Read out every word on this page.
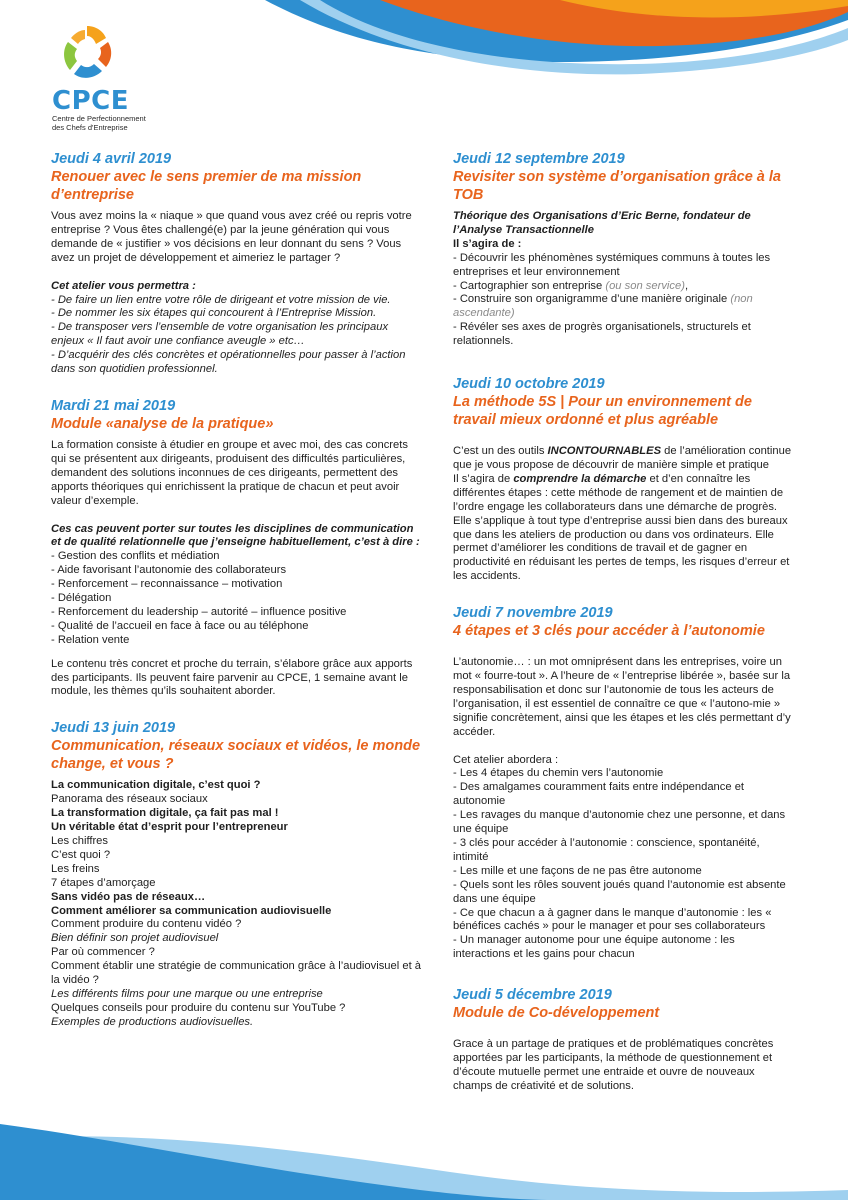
CPCE
Centre de Perfectionnement
des Chefs d'Entreprise
Jeudi 4 avril 2019
Renouer avec le sens premier de ma mission d’entreprise

Vous avez moins la « niaque » que quand vous avez créé ou repris votre entreprise ? Vous êtes challengé(e) par la jeune génération qui vous demande de « justifier » vos décisions en leur donnant du sens ? Vous avez un projet de développement et aimeriez le partager ?

Cet atelier vous permettra :
- De faire un lien entre votre rôle de dirigeant et votre mission de vie.
- De nommer les six étapes qui concourent à l’Entreprise Mission.
- De transposer vers l’ensemble de votre organisation les principaux enjeux « Il faut avoir une confiance aveugle » etc…
- D’acquérir des clés concrètes et opérationnelles pour passer à l’action dans son quotidien professionnel.
Mardi 21 mai 2019
Module «analyse de la pratique»

La formation consiste à étudier en groupe et avec moi, des cas concrets qui se présentent aux dirigeants, produisent des difficultés particulières, demandent des solutions inconnues de ces dirigeants, permettent des apports théoriques qui enrichissent la pratique de chacun et peut avoir valeur d’exemple.

Ces cas peuvent porter sur toutes les disciplines de communication et de qualité relationnelle que j’enseigne habituellement, c’est à dire :
- Gestion des conflits et médiation
- Aide favorisant l’autonomie des collaborateurs
- Renforcement – reconnaissance – motivation
- Délégation
- Renforcement du leadership – autorité – influence positive
- Qualité de l’accueil en face à face ou au téléphone
- Relation vente

Le contenu très concret et proche du terrain, s’élabore grâce aux apports des participants. Ils peuvent faire parvenir au CPCE, 1 semaine avant le module, les thèmes qu’ils souhaitent aborder.

Jeudi 13 juin 2019
Communication, réseaux sociaux et vidéos, le monde change, et vous ?
La communication digitale, c’est quoi ?
Panorama des réseaux sociaux
La transformation digitale, ça fait pas mal !
Un véritable état d’esprit pour l’entrepreneur
Les chiffres
C’est quoi ?
Les freins
7 étapes d’amorçage
Sans vidéo pas de réseaux…
Comment améliorer sa communication audiovisuelle
Comment produire du contenu vidéo ?
Bien définir son projet audiovisuel
Par où commencer ?
Comment établir une stratégie de communication grâce à l’audiovisuel et à la vidéo ?
Les différents films pour une marque ou une entreprise
Quelques conseils pour produire du contenu sur YouTube ?
Exemples de productions audiovisuelles.
Jeudi 12 septembre 2019
Revisiter son système d’organisation grâce à la TOB
Théorique des Organisations d’Eric Berne, fondateur de l’Analyse Transactionnelle
Il s’agira de :
- Découvrir les phénomènes systémiques communs à toutes les entreprises et leur environnement
- Cartographier son entreprise (ou son service),
- Construire son organigramme d’une manière originale (non ascendante)
- Révéler ses axes de progrès organisationels, structurels et relationnels.
Jeudi 10 octobre 2019
La méthode 5S | Pour un environnement de travail mieux ordonné et plus agréable
C’est un des outils INCONTOURNABLES de l’amélioration continue que je vous propose de découvrir de manière simple et pratique
Il s’agira de comprendre la démarche et d’en connaître les différentes étapes : cette méthode de rangement et de maintien de l’ordre engage les collaborateurs dans une démarche de progrès. Elle s’applique à tout type d’entreprise aussi bien dans des bureaux que dans les ateliers de production ou dans vos ordinateurs. Elle permet d’améliorer les conditions de travail et de gagner en productivité en réduisant les pertes de temps, les risques d’erreur et les accidents.
Jeudi 7 novembre 2019
4 étapes et 3 clés pour accéder à l’autonomie

L’autonomie… : un mot omniprésent dans les entreprises, voire un mot « fourre-tout ». A l’heure de « l’entreprise libérée », basée sur la responsabilisation et donc sur l’autonomie de tous les acteurs de l’organisation, il est essentiel de connaître ce que « l’autono-mie » signifie concrètement, ainsi que les étapes et les clés permettant d’y accéder.

Cet atelier abordera :
- Les 4 étapes du chemin vers l’autonomie
- Des amalgames couramment faits entre indépendance et autonomie
- Les ravages du manque d’autonomie chez une personne, et dans une équipe
- 3 clés pour accéder à l’autonomie : conscience, spontanéité, intimité
- Les mille et une façons de ne pas être autonome
- Quels sont les rôles souvent joués quand l’autonomie est absente dans une équipe
- Ce que chacun a à gagner dans le manque d’autonomie : les « bénéfices cachés » pour le manager et pour ses collaborateurs
- Un manager autonome pour une équipe autonome : les interactions et les gains pour chacun
Jeudi 5 décembre 2019
Module de Co-développement

Grace à un partage de pratiques et de problématiques concrètes apportées par les participants, la méthode de questionnement et d’écoute mutuelle permet une entraide et ouvre de nouveaux champs de créativité et de solutions.
